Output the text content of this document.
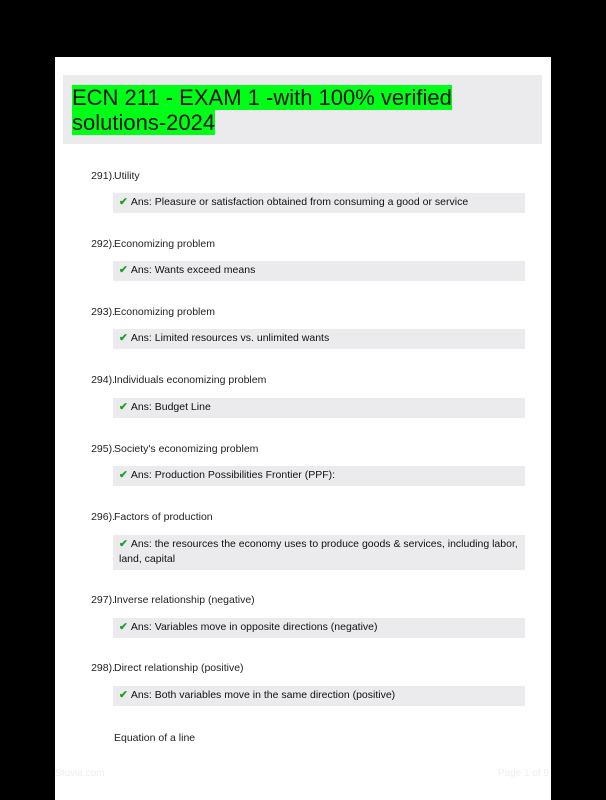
ECN 211 - EXAM 1 -with 100% verified solutions-2024
291). Utility
✔ Ans: Pleasure or satisfaction obtained from consuming a good or service
292). Economizing problem
✔ Ans: Wants exceed means
293). Economizing problem
✔ Ans: Limited resources vs. unlimited wants
294). Individuals economizing problem
✔ Ans: Budget Line
295). Society's economizing problem
✔ Ans: Production Possibilities Frontier (PPF):
296). Factors of production
✔ Ans: the resources the economy uses to produce goods & services, including labor, land, capital
297). Inverse relationship (negative)
✔ Ans: Variables move in opposite directions (negative)
298). Direct relationship (positive)
✔ Ans: Both variables move in the same direction (positive)
Equation of a line
Stuvia.com	Page 1 of 9
